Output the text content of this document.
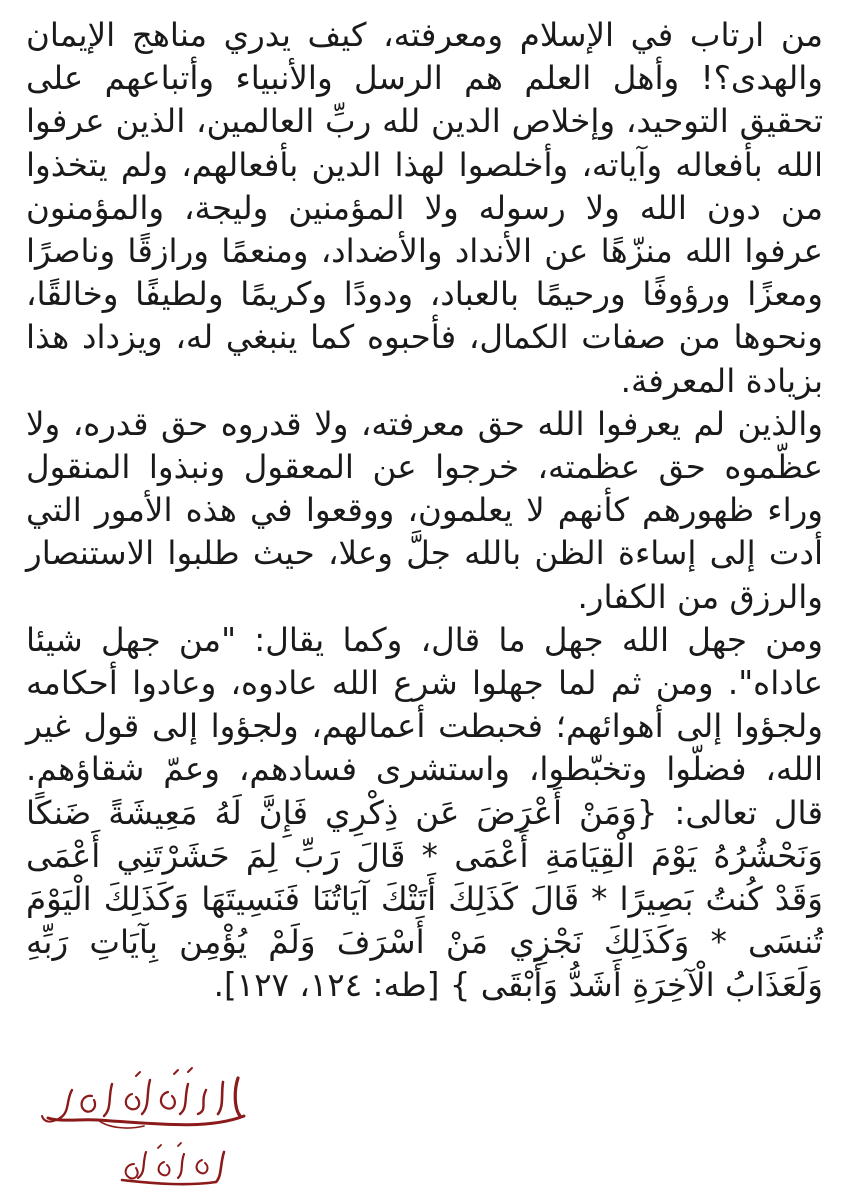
من ارتاب في الإسلام ومعرفته، كيف يدري مناهج الإيمان والهدى؟! وأهل العلم هم الرسل والأنبياء وأتباعهم على تحقيق التوحيد، وإخلاص الدين لله ربِّ العالمين، الذين عرفوا الله بأفعاله وآياته، وأخلصوا لهذا الدين بأفعالهم، ولم يتخذوا من دون الله ولا رسوله ولا المؤمنين وليجة، والمؤمنون عرفوا الله منزّهًا عن الأنداد والأضداد، ومنعمًا ورازقًا وناصرًا ومعزًا ورؤوفًا ورحيمًا بالعباد، ودودًا وكريمًا ولطيفًا وخالقًا، ونحوها من صفات الكمال، فأحبوه كما ينبغي له، ويزداد هذا بزيادة المعرفة.

والذين لم يعرفوا الله حق معرفته، ولا قدروه حق قدره، ولا عظّموه حق عظمته، خرجوا عن المعقول ونبذوا المنقول وراء ظهورهم كأنهم لا يعلمون، ووقعوا في هذه الأمور التي أدت إلى إساءة الظن بالله جلَّ وعلا، حيث طلبوا الاستنصار والرزق من الكفار.

ومن جهل الله جهل ما قال، وكما يقال: "من جهل شيئا عاداه". ومن ثم لما جهلوا شرع الله عادوه، وعادوا أحكامه ولجؤوا إلى أهوائهم؛ فحبطت أعمالهم، ولجؤوا إلى قول غير الله، فضلّوا وتخبّطوا، واستشرى فسادهم، وعمّ شقاؤهم. قال تعالى: {وَمَنْ أَعْرَضَ عَن ذِكْرِي فَإِنَّ لَهُ مَعِيشَةً ضَنكًا وَنَحْشُرُهُ يَوْمَ الْقِيَامَةِ أَعْمَى * قَالَ رَبِّ لِمَ حَشَرْتَنِي أَعْمَى وَقَدْ كُنتُ بَصِيرًا * قَالَ كَذَلِكَ أَتَتْكَ آيَاتُنَا فَنَسِيتَهَا وَكَذَلِكَ الْيَوْمَ تُنسَى * وَكَذَلِكَ نَجْزِي مَنْ أَسْرَفَ وَلَمْ يُؤْمِن بِآيَاتِ رَبِّهِ وَلَعَذَابُ الْآخِرَةِ أَشَدُّ وَأَبْقَى } [طه: ١٢٤، ١٢٧].
